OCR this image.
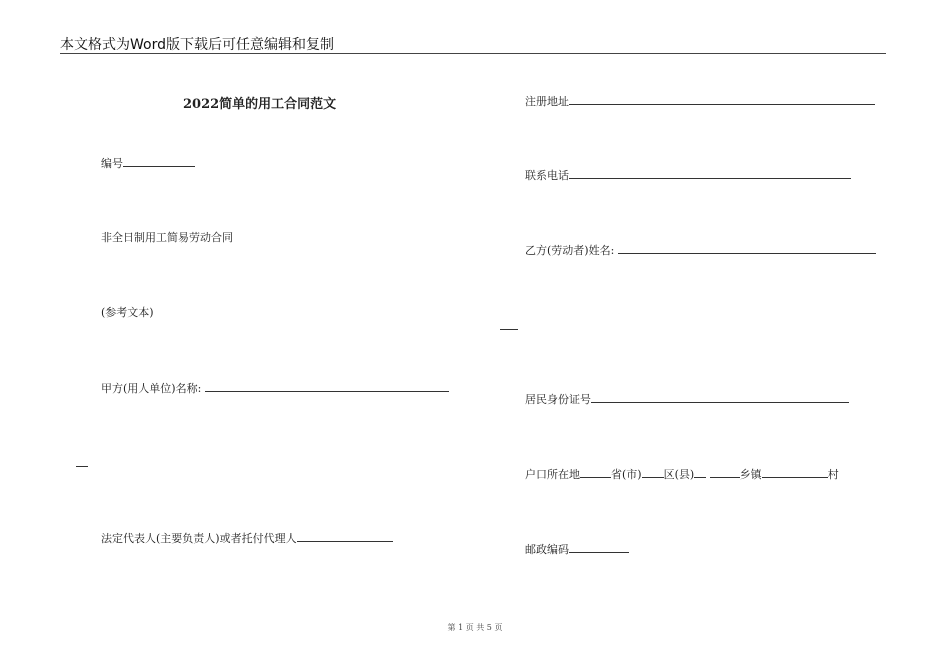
本文格式为Word版下载后可任意编辑和复制
2022简单的用工合同范文
编号
非全日制用工简易劳动合同
(参考文本)
甲方(用人单位)名称:
法定代表人(主要负责人)或者托付代理人
注册地址
联系电话
乙方(劳动者)姓名:
居民身份证号
户口所在地	省(市) 区(县)	乡镇	村
邮政编码
第 1 页 共 5 页
